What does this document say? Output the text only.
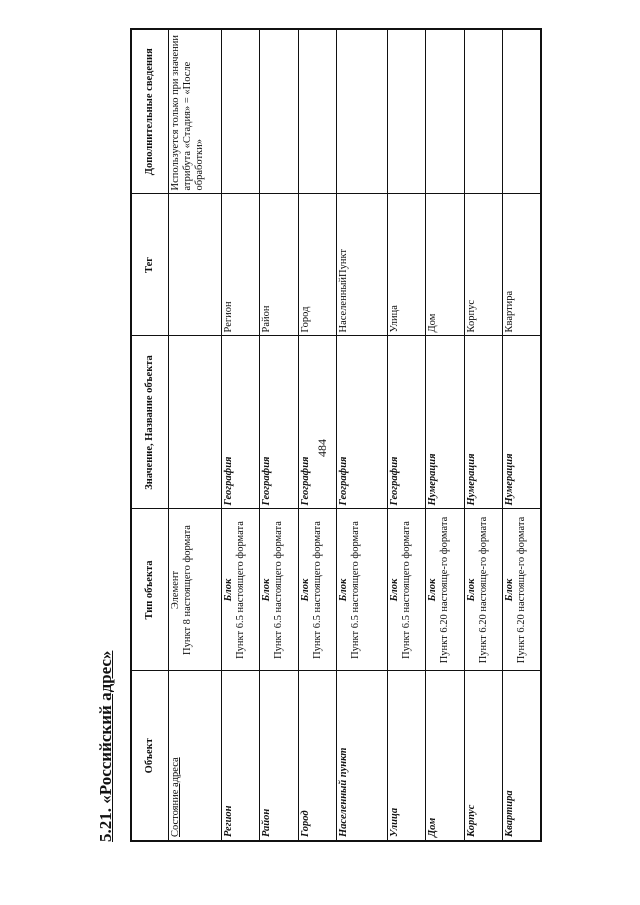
484
5.21. «Российский адрес»	Объект	Тип объекта	Значение, Название объекта	Тег	Дополнительные сведения
Состояние адреса	Элемент Пункт 8 настоящего формата			Используется только при значении атрибута «Стадия» = «После обработки»
Регион	Блок Пункт 6.5 настоящего формата	География	Регион	
Район	Блок Пункт 6.5 настоящего формата	География	Район	
Город	Блок Пункт 6.5 настоящего формата	География	Город	
Населенный пункт	Блок Пункт 6.5 настоящего формата	География	НаселенныйПункт	
Улица	Блок Пункт 6.5 настоящего формата	География	Улица	
Дом	Блок Пункт 6.20 настояще-го формата	Нумерация	Дом	
Корпус	Блок Пункт 6.20 настояще-го формата	Нумерация	Корпус	
Квартира	Блок Пункт 6.20 настояще-го формата	Нумерация	Квартира	
